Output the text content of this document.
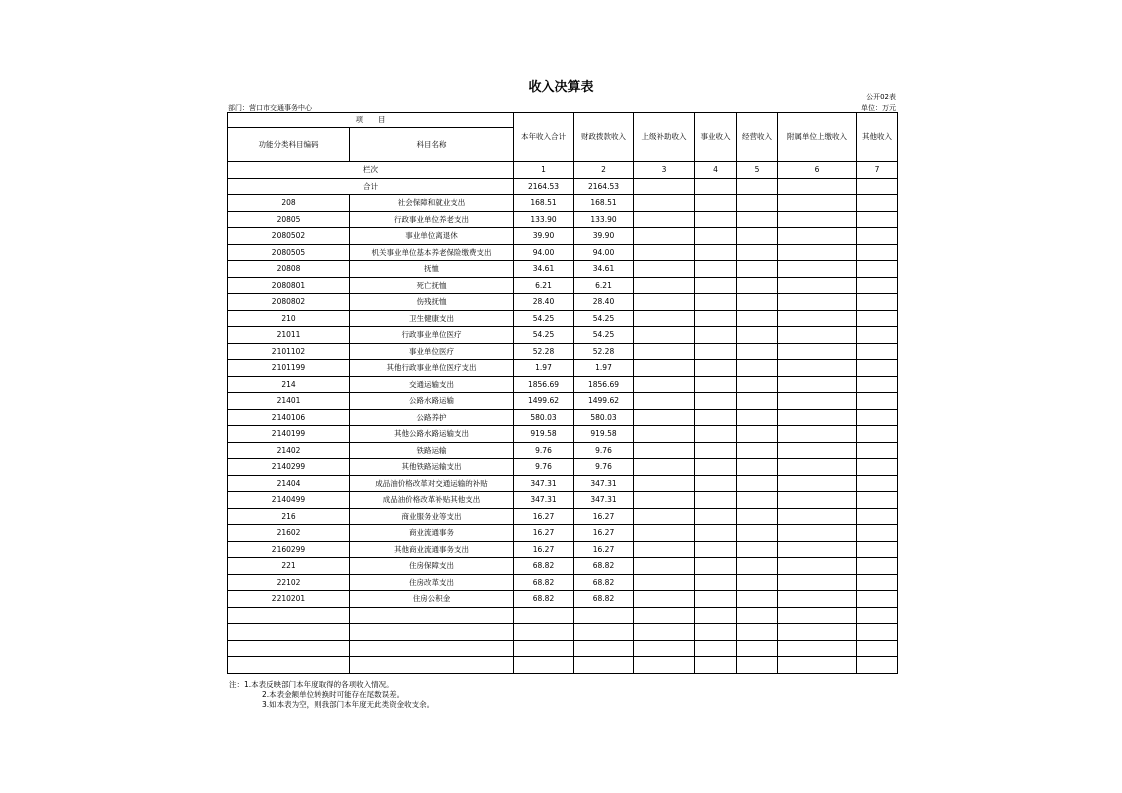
收入决算表
公开02表
部门：营口市交通事务中心	单位：万元
项　　目		本年收入合计	财政拨款收入	上级补助收入	事业收入	经营收入	附属单位上缴收入	其他收入
功能分类科目编码	科目名称							
栏次		1	2	3	4	5	6	7
合计		2164.53	2164.53					
208	社会保障和就业支出	168.51	168.51					
20805	行政事业单位养老支出	133.90	133.90					
2080502	事业单位离退休	39.90	39.90					
2080505	机关事业单位基本养老保险缴费支出	94.00	94.00					
20808	抚恤	34.61	34.61					
2080801	死亡抚恤	6.21	6.21					
2080802	伤残抚恤	28.40	28.40					
210	卫生健康支出	54.25	54.25					
21011	行政事业单位医疗	54.25	54.25					
2101102	事业单位医疗	52.28	52.28					
2101199	其他行政事业单位医疗支出	1.97	1.97					
214	交通运输支出	1856.69	1856.69					
21401	公路水路运输	1499.62	1499.62					
2140106	公路养护	580.03	580.03					
2140199	其他公路水路运输支出	919.58	919.58					
21402	铁路运输	9.76	9.76					
2140299	其他铁路运输支出	9.76	9.76					
21404	成品油价格改革对交通运输的补贴	347.31	347.31					
2140499	成品油价格改革补贴其他支出	347.31	347.31					
216	商业服务业等支出	16.27	16.27					
21602	商业流通事务	16.27	16.27					
2160299	其他商业流通事务支出	16.27	16.27					
221	住房保障支出	68.82	68.82					
22102	住房改革支出	68.82	68.82					
2210201	住房公积金	68.82	68.82					

注：1.本表反映部门本年度取得的各项收入情况。
2.本表金额单位转换时可能存在尾数误差。
3.如本表为空，则我部门本年度无此类资金收支余。
